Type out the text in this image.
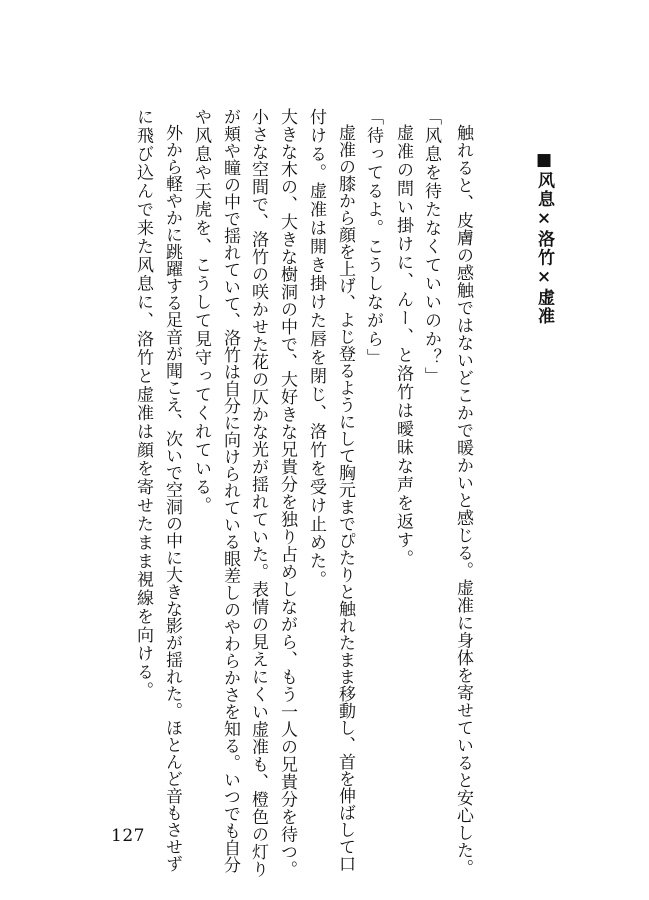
■风息×洛竹×虚准

触れると、皮膚の感触ではないどこかで暖かいと感じる。虚准に身体を寄せていると安心した。

「风息を待たなくていいのか？」

虚准の問い掛けに、んー、と洛竹は曖昧な声を返す。

「待ってるよ。こうしながら」

虚准の膝から顔を上げ、よじ登るようにして胸元までぴたりと触れたまま移動し、首を伸ばして口

付ける。虚准は開き掛けた唇を閉じ、洛竹を受け止めた。

大きな木の、大きな樹洞の中で、大好きな兄貴分を独り占めしながら、もう一人の兄貴分を待つ。

小さな空間で、洛竹の咲かせた花の仄かな光が揺れていた。表情の見えにくい虚准も、橙色の灯り

が頬や瞳の中で揺れていて、洛竹は自分に向けられている眼差しのやわらかさを知る。いつでも自分

や风息や天虎を、こうして見守ってくれている。

外から軽やかに跳躍する足音が聞こえ、次いで空洞の中に大きな影が揺れた。ほとんど音もさせず

に飛び込んで来た风息に、洛竹と虚准は顔を寄せたまま視線を向ける。

127
